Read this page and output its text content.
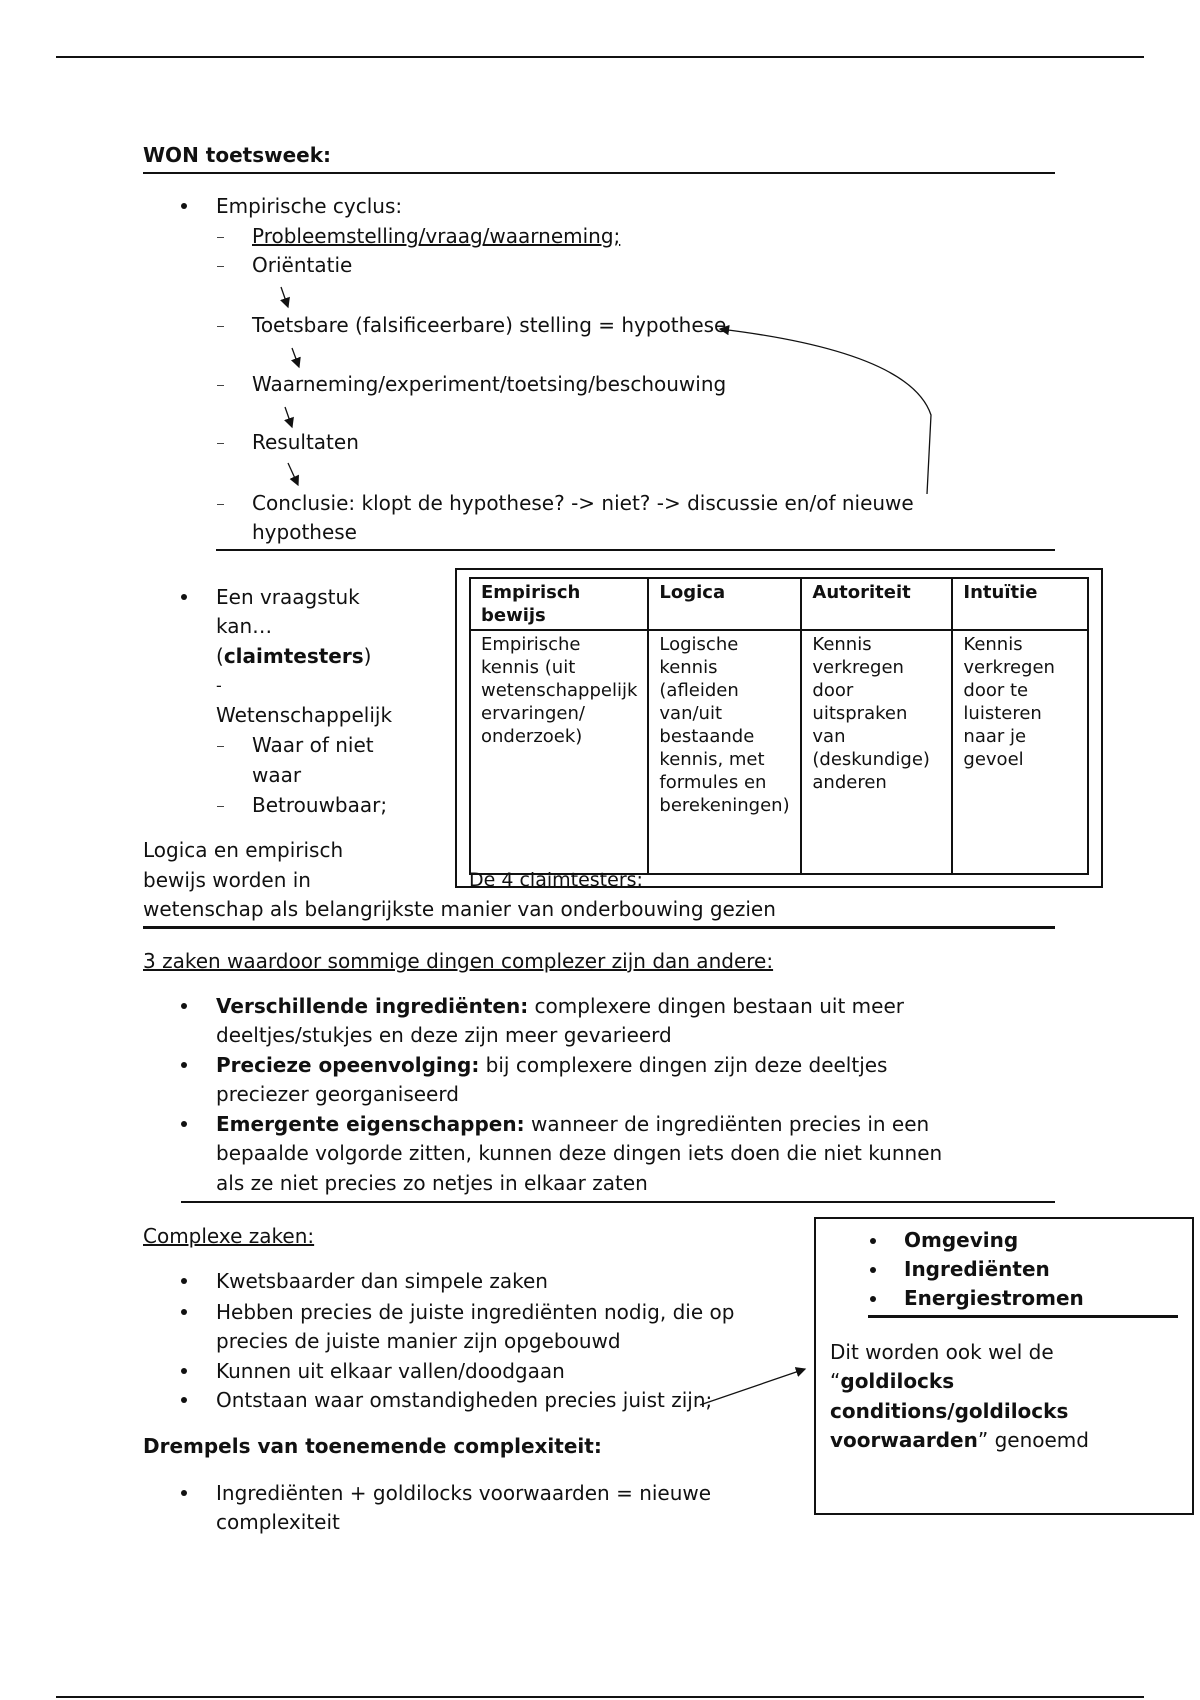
WON toetsweek:
Empirische cyclus:
Probleemstelling/vraag/waarneming;
Oriëntatie
Toetsbare (falsificeerbare) stelling = hypothese
Waarneming/experiment/toetsing/beschouwing
Resultaten
Conclusie: klopt de hypothese? -> niet? -> discussie en/of nieuwe
hypothese
Een vraagstuk
kan…
(claimtesters)
-
Wetenschappelijk
Waar of niet
waar
Betrouwbaar;
Logica en empirisch
bewijs worden in
wetenschap als belangrijkste manier van onderbouwing gezien
Empirisch bewijs	Logica	Autoriteit	Intuïtie
Empirische kennis (uit wetenschappelijk ervaringen/ onderzoek)	Logische kennis (afleiden van/uit bestaande kennis, met formules en berekeningen)	Kennis verkregen door uitspraken van (deskundige) anderen	Kennis verkregen door te luisteren naar je gevoel
De 4 claimtesters:
3 zaken waardoor sommige dingen complezer zijn dan andere:
Verschillende ingrediënten: complexere dingen bestaan uit meer
deeltjes/stukjes en deze zijn meer gevarieerd
Precieze opeenvolging: bij complexere dingen zijn deze deeltjes
preciezer georganiseerd
Emergente eigenschappen: wanneer de ingrediënten precies in een
bepaalde volgorde zitten, kunnen deze dingen iets doen die niet kunnen
als ze niet precies zo netjes in elkaar zaten
Complexe zaken:
Kwetsbaarder dan simpele zaken
Hebben precies de juiste ingrediënten nodig, die op
precies de juiste manier zijn opgebouwd
Kunnen uit elkaar vallen/doodgaan
Ontstaan waar omstandigheden precies juist zijn;
Drempels van toenemende complexiteit:
Ingrediënten + goldilocks voorwaarden = nieuwe
complexiteit
Omgeving
Ingrediënten
Energiestromen
Dit worden ook wel de
“goldilocks
conditions/goldilocks
voorwaarden” genoemd
